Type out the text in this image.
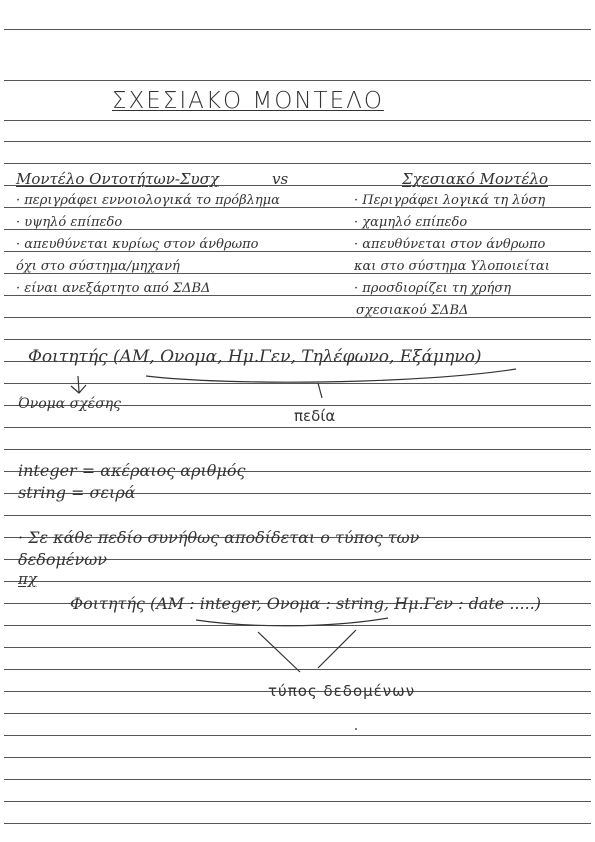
ΣΧΕΣΙΑΚΟ ΜΟΝΤΕΛΟ
Μοντέλο Οντοτήτων-Συσχ	vs	Σχεσιακό Μοντέλο
· περιγράφει εννοιολογικά το πρόβλημα
· υψηλό επίπεδο
· απευθύνεται κυρίως στον άνθρωπο
όχι στο σύστημα/μηχανή
· είναι ανεξάρτητο από ΣΔΒΔ
· Περιγράφει λογικά τη λύση
· χαμηλό επίπεδο
· απευθύνεται στον άνθρωπο
και στο σύστημα Υλοποιείται
· προσδιορίζει τη χρήση
σχεσιακού ΣΔΒΔ
Φοιτητής (ΑΜ, Ονομα, Ημ.Γεν, Τηλέφωνο, Εξάμηνο)
Όνομα σχέσης
πεδία
integer = ακέραιος αριθμός
string = σειρά
· Σε κάθε πεδίο συνήθως αποδίδεται ο τύπος των
δεδομένων
πχ
Φοιτητής (ΑΜ : integer, Ονομα : string, Ημ.Γεν : date .....)
τύπος δεδομένων
